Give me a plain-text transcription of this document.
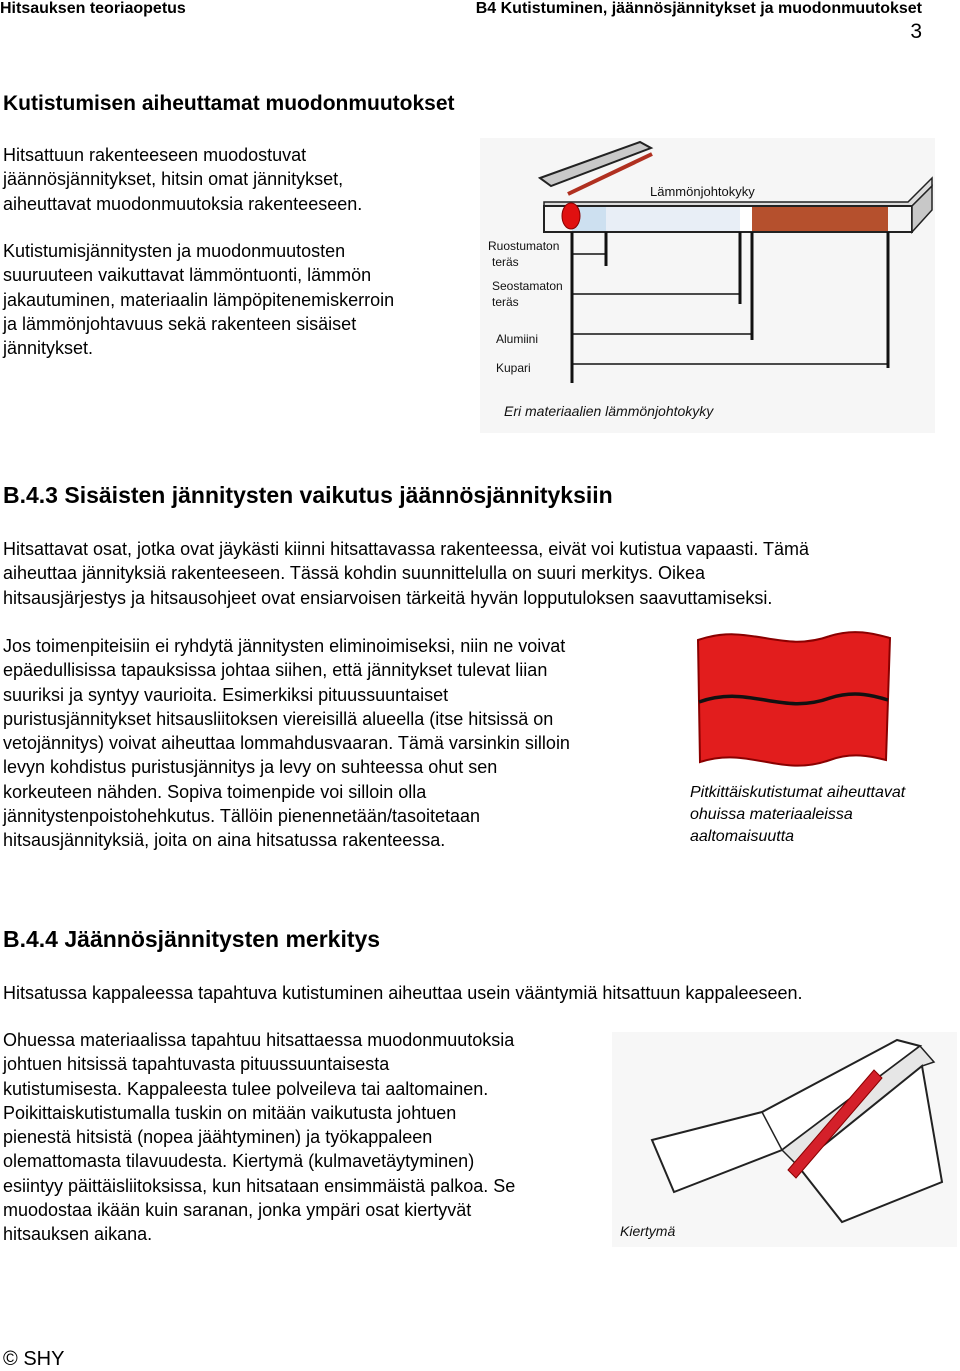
Hitsauksen teoriaopetus	B4 Kutistuminen, jäännösjännitykset ja muodonmuutokset
3
Kutistumisen aiheuttamat muodonmuutokset
Hitsattuun rakenteeseen muodostuvat
jäännösjännitykset, hitsin omat jännitykset,
aiheuttavat muodonmuutoksia rakenteeseen.
Kutistumisjännitysten ja muodonmuutosten
suuruuteen vaikuttavat lämmöntuonti, lämmön
jakautuminen, materiaalin lämpöpitenemiskerroin
ja lämmönjohtavuus sekä rakenteen sisäiset
jännitykset.
Lämmönjohtokyky
Ruostumaton
teräs
Seostamaton
teräs
Alumiini
Kupari
Eri materiaalien lämmönjohtokyky
B.4.3 Sisäisten jännitysten vaikutus jäännösjännityksiin
Hitsattavat osat, jotka ovat jäykästi kiinni hitsattavassa rakenteessa, eivät voi kutistua vapaasti. Tämä
aiheuttaa jännityksiä rakenteeseen. Tässä kohdin suunnittelulla on suuri merkitys. Oikea
hitsausjärjestys ja hitsausohjeet ovat ensiarvoisen tärkeitä hyvän lopputuloksen saavuttamiseksi.
Jos toimenpiteisiin ei ryhdytä jännitysten eliminoimiseksi, niin ne voivat
epäedullisissa tapauksissa johtaa siihen, että jännitykset tulevat liian
suuriksi ja syntyy vaurioita. Esimerkiksi pituussuuntaiset
puristusjännitykset hitsausliitoksen viereisillä alueella (itse hitsissä on
vetojännitys) voivat aiheuttaa lommahdusvaaran. Tämä varsinkin silloin
levyn kohdistus puristusjännitys ja levy on suhteessa ohut sen
korkeuteen nähden. Sopiva toimenpide voi silloin olla
jännitystenpoistohehkutus. Tällöin pienennetään/tasoitetaan
hitsausjännityksiä, joita on aina hitsatussa rakenteessa.
Pitkittäiskutistumat aiheuttavat
ohuissa materiaaleissa
aaltomaisuutta
B.4.4 Jäännösjännitysten merkitys
Hitsatussa kappaleessa tapahtuva kutistuminen aiheuttaa usein vääntymiä hitsattuun kappaleeseen.
Ohuessa materiaalissa tapahtuu hitsattaessa muodonmuutoksia
johtuen hitsissä tapahtuvasta pituussuuntaisesta
kutistumisesta. Kappaleesta tulee polveileva tai aaltomainen.
Poikittaiskutistumalla tuskin on mitään vaikutusta johtuen
pienestä hitsistä (nopea jäähtyminen) ja työkappaleen
olemattomasta tilavuudesta. Kiertymä (kulmavetäytyminen)
esiintyy päittäisliitoksissa, kun hitsataan ensimmäistä palkoa. Se
muodostaa ikään kuin saranan, jonka ympäri osat kiertyvät
hitsauksen aikana.	Kiertymä
© SHY
